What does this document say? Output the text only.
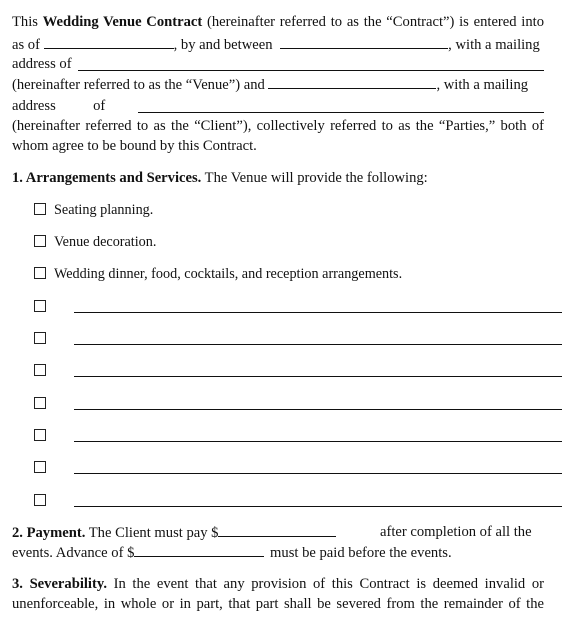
This Wedding Venue Contract (hereinafter referred to as the “Contract”) is entered into
as of	, by and between	, with a mailing
address of
(hereinafter referred to as the “Venue”) and	, with a mailing
address	of
(hereinafter referred to as the “Client”), collectively referred to as the “Parties,” both of
whom agree to be bound by this Contract.
1. Arrangements and Services. The Venue will provide the following:
Seating planning.
Venue decoration.
Wedding dinner, food, cocktails, and reception arrangements.
2. Payment. The Client must pay $	after completion of all the
events. Advance of $	must be paid before the events.
3. Severability. In the event that any provision of this Contract is deemed invalid or
unenforceable, in whole or in part, that part shall be severed from the remainder of the
